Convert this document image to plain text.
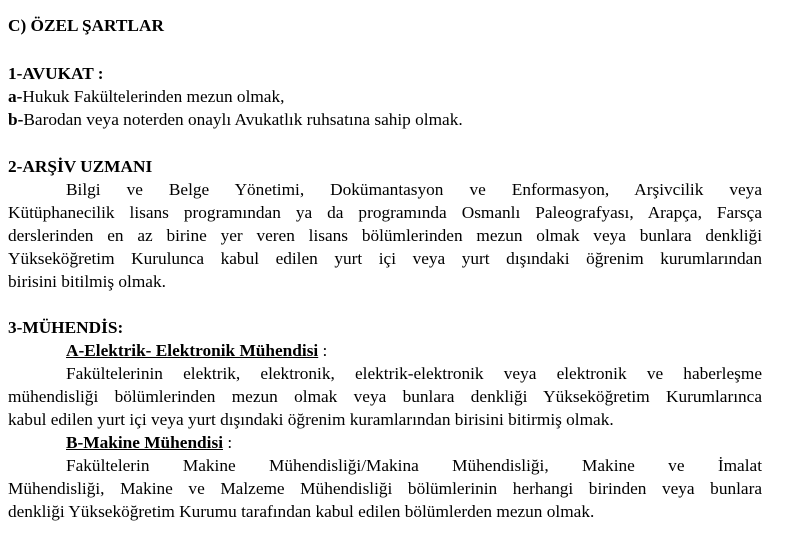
C) ÖZEL ŞARTLAR
1-AVUKAT :
a-Hukuk Fakültelerinden mezun olmak,
b-Barodan veya noterden onaylı Avukatlık ruhsatına sahip olmak.
2-ARŞİV UZMANI
Bilgi ve Belge Yönetimi, Dokümantasyon ve Enformasyon, Arşivcilik veya
Kütüphanecilik lisans programından ya da programında Osmanlı Paleografyası, Arapça, Farsça
derslerinden en az birine yer veren lisans bölümlerinden mezun olmak veya bunlara denkliği
Yükseköğretim Kurulunca kabul edilen yurt içi veya yurt dışındaki öğrenim kurumlarından
birisini bitilmiş olmak.
3-MÜHENDİS:
A-Elektrik- Elektronik Mühendisi :
Fakültelerinin elektrik, elektronik, elektrik-elektronik veya elektronik ve haberleşme
mühendisliği bölümlerinden mezun olmak veya bunlara denkliği Yükseköğretim Kurumlarınca
kabul edilen yurt içi veya yurt dışındaki öğrenim kuramlarından birisini bitirmiş olmak.
B-Makine Mühendisi :
Fakültelerin Makine Mühendisliği/Makina Mühendisliği, Makine ve İmalat
Mühendisliği, Makine ve Malzeme Mühendisliği bölümlerinin herhangi birinden veya bunlara
denkliği Yükseköğretim Kurumu tarafından kabul edilen bölümlerden mezun olmak.
